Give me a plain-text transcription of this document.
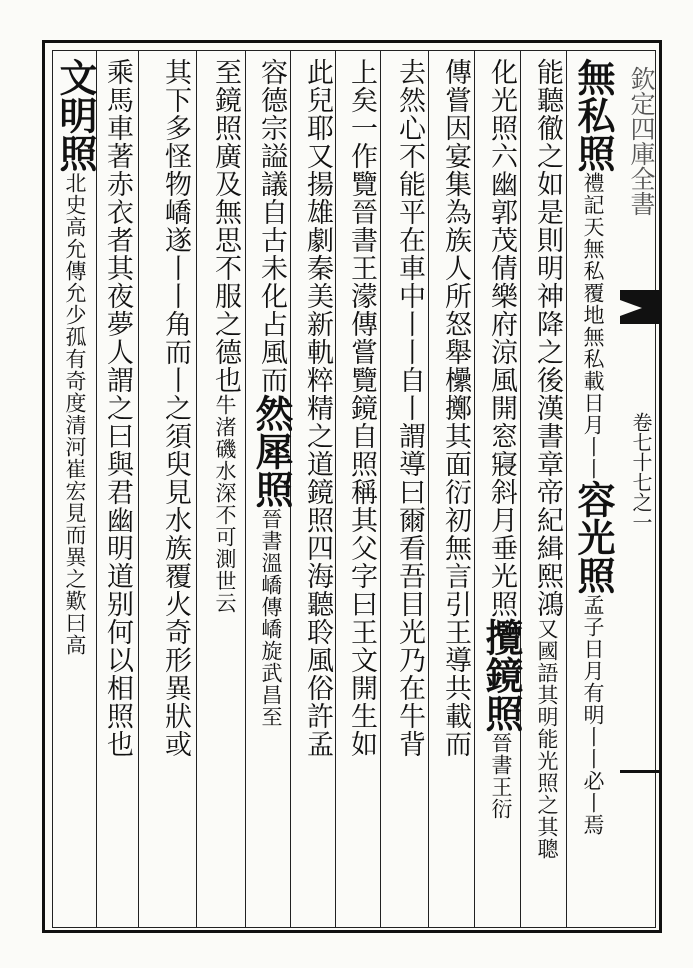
欽定四庫全書
卷七十七之一
無私照禮記天無私覆地無私載日月丨丨容光照孟子日月有明丨丨必丨焉
能聽徹之如是則明神降之後漢書章帝紀緝熙鴻又國語其明能光照之其聰
化光照六幽郭茂倩樂府涼風開窓寢斜月垂光照攬鏡照晉書王衍
傳嘗因宴集為族人所怒舉欙擲其面衍初無言引王導共載而
去然心不能平在車中丨丨自丨謂導曰爾看吾目光乃在牛背
上矣一作覽晉書王濛傳嘗覽鏡自照稱其父字曰王文開生如
此兒耶又揚雄劇秦美新軌粹精之道鏡照四海聽聆風俗許孟
容德宗謚議自古未化占風而然犀照晉書溫嶠傳嶠旋武昌至
至鏡照廣及無思不服之德也牛渚磯水深不可測世云
其下多怪物嶠遂丨丨角而丨之須臾見水族覆火奇形異狀或
乘馬車著赤衣者其夜夢人謂之曰與君幽明道别何以相照也
文明照北史高允傳允少孤有奇度清河崔宏見而異之歎曰高
